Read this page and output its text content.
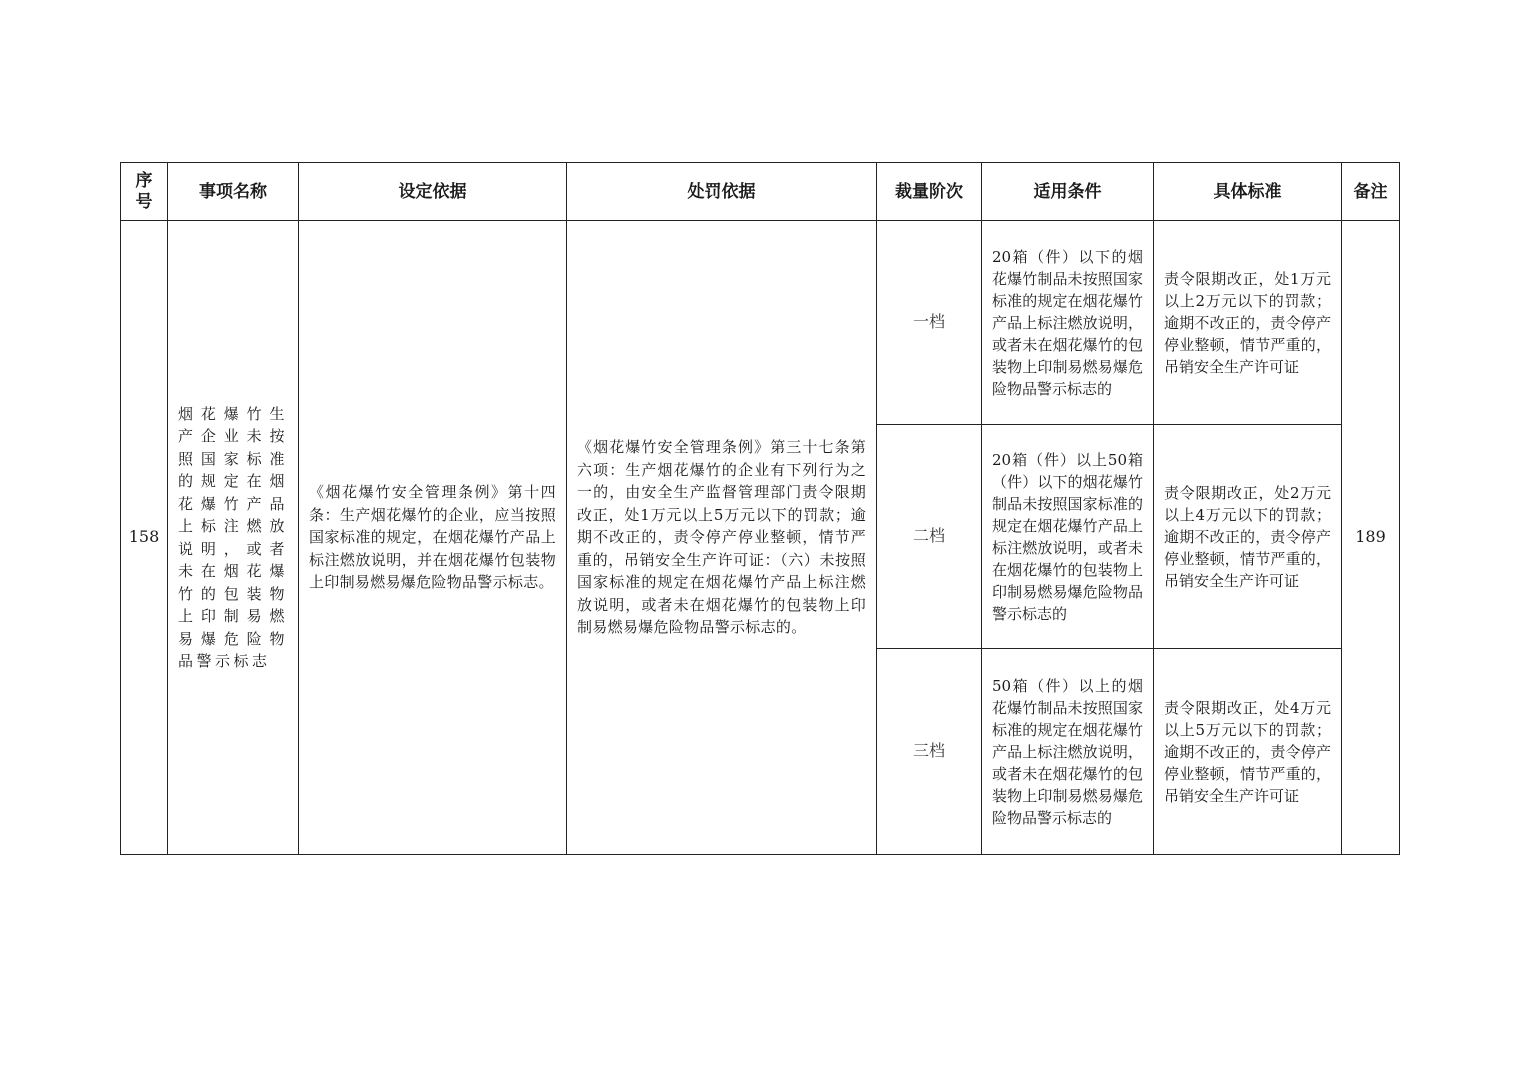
序
号	事项名称	设定依据	处罚依据	裁量阶次	适用条件	具体标准	备注
158	烟花爆竹生产企业未按照国家标准的规定在烟花爆竹产品上标注燃放说明，或者未在烟花爆竹的包装物上印制易燃易爆危险物品警示标志	《烟花爆竹安全管理条例》第十四条：生产烟花爆竹的企业，应当按照国家标准的规定，在烟花爆竹产品上标注燃放说明，并在烟花爆竹包装物上印制易燃易爆危险物品警示标志。	《烟花爆竹安全管理条例》第三十七条第六项：生产烟花爆竹的企业有下列行为之一的，由安全生产监督管理部门责令限期改正，处1万元以上5万元以下的罚款；逾期不改正的，责令停产停业整顿，情节严重的，吊销安全生产许可证：（六）未按照国家标准的规定在烟花爆竹产品上标注燃放说明，或者未在烟花爆竹的包装物上印制易燃易爆危险物品警示标志的。	一档	20箱（件）以下的烟花爆竹制品未按照国家标准的规定在烟花爆竹产品上标注燃放说明，或者未在烟花爆竹的包装物上印制易燃易爆危险物品警示标志的	责令限期改正，处1万元以上2万元以下的罚款；逾期不改正的，责令停产停业整顿，情节严重的，吊销安全生产许可证	189
				二档	20箱（件）以上50箱（件）以下的烟花爆竹制品未按照国家标准的规定在烟花爆竹产品上标注燃放说明，或者未在烟花爆竹的包装物上印制易燃易爆危险物品警示标志的	责令限期改正，处2万元以上4万元以下的罚款；逾期不改正的，责令停产停业整顿，情节严重的，吊销安全生产许可证	

				三档	50箱（件）以上的烟花爆竹制品未按照国家标准的规定在烟花爆竹产品上标注燃放说明，或者未在烟花爆竹的包装物上印制易燃易爆危险物品警示标志的	责令限期改正，处4万元以上5万元以下的罚款；逾期不改正的，责令停产停业整顿，情节严重的，吊销安全生产许可证	
